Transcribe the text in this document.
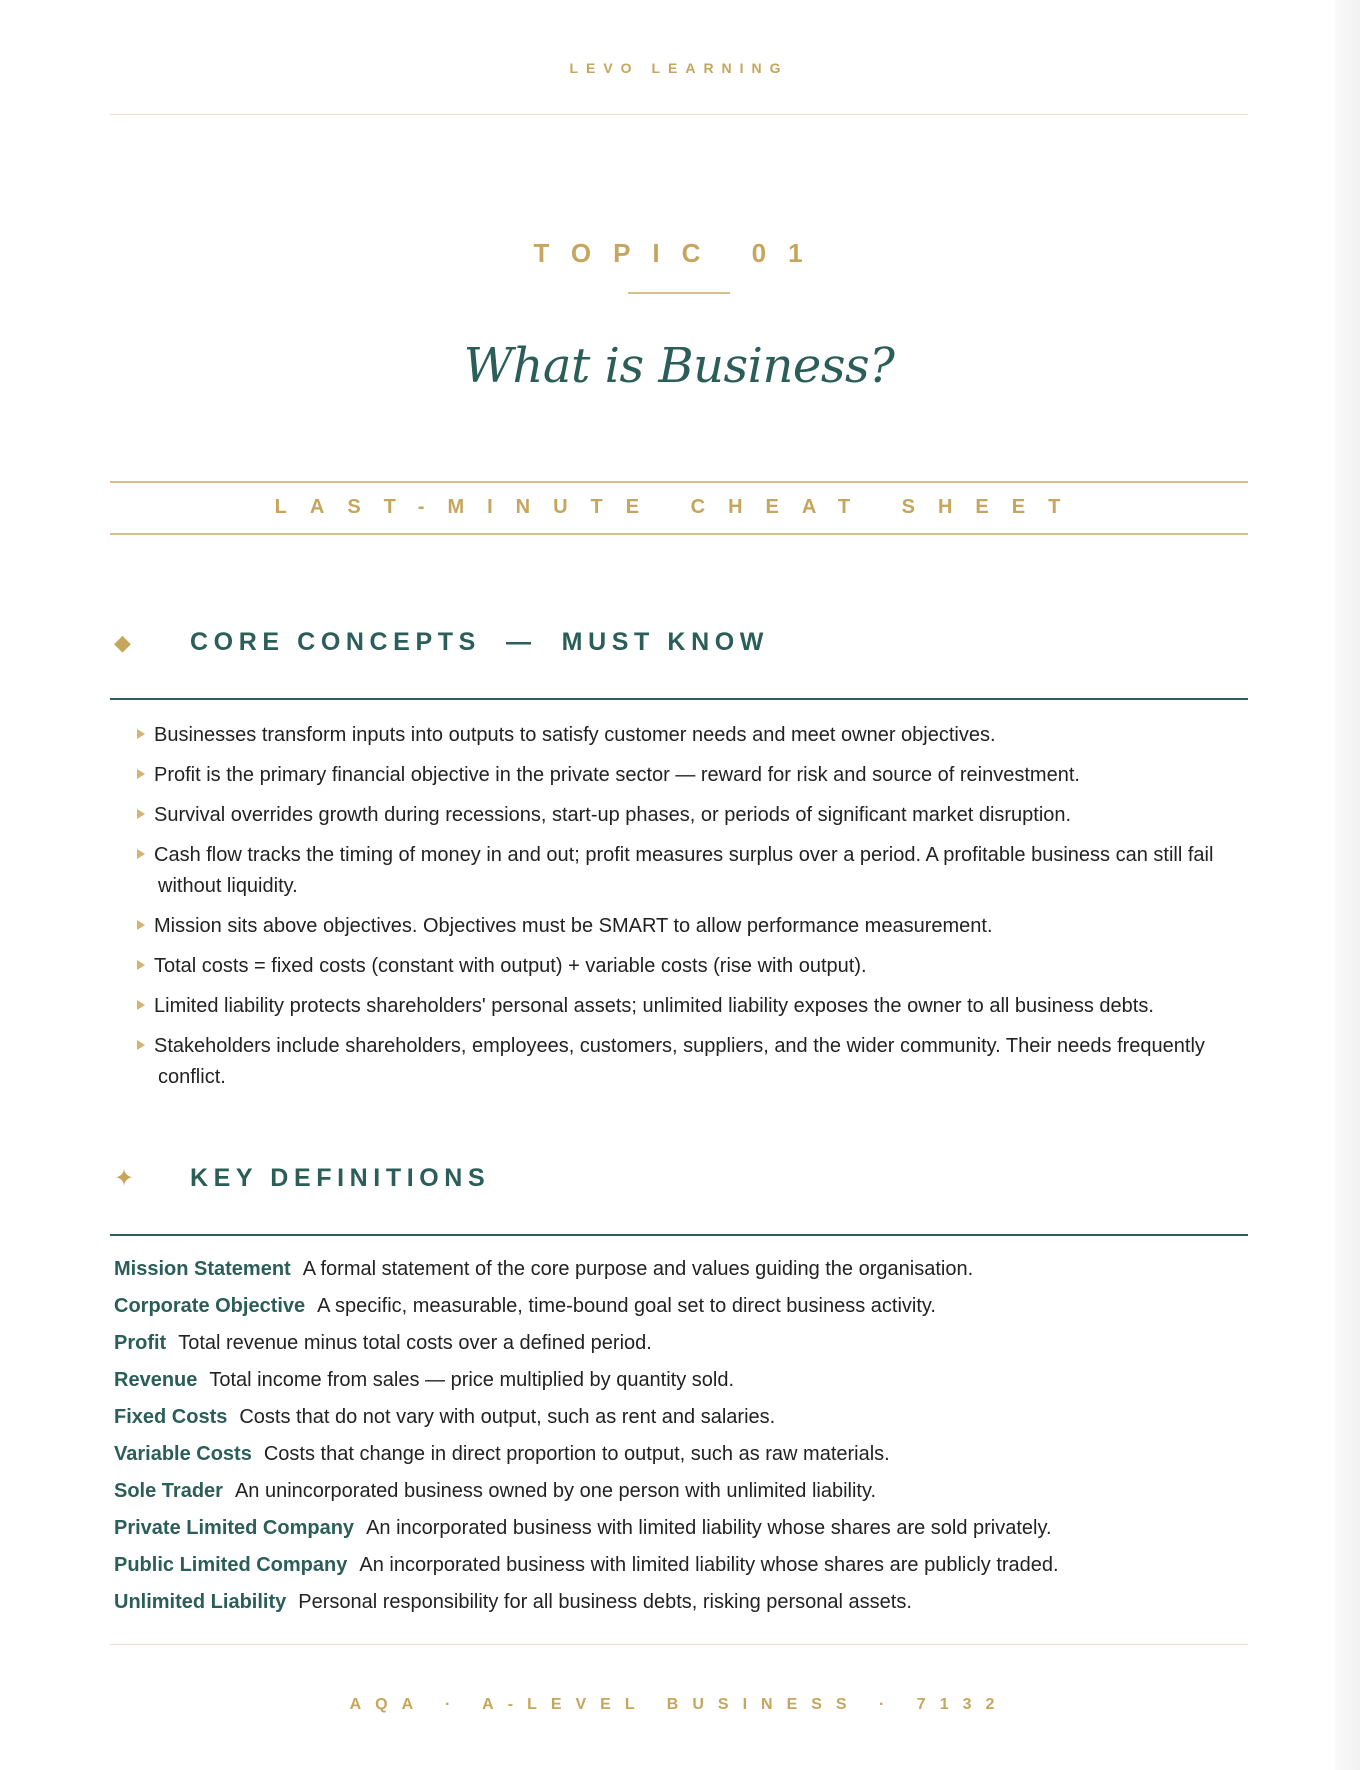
LEVO LEARNING
TOPIC 01
What is Business?
LAST-MINUTE CHEAT SHEET
◆ CORE CONCEPTS  —  MUST KNOW
Businesses transform inputs into outputs to satisfy customer needs and meet owner objectives.
Profit is the primary financial objective in the private sector — reward for risk and source of reinvestment.
Survival overrides growth during recessions, start-up phases, or periods of significant market disruption.
Cash flow tracks the timing of money in and out; profit measures surplus over a period. A profitable business can still fail without liquidity.
Mission sits above objectives. Objectives must be SMART to allow performance measurement.
Total costs = fixed costs (constant with output) + variable costs (rise with output).
Limited liability protects shareholders' personal assets; unlimited liability exposes the owner to all business debts.
Stakeholders include shareholders, employees, customers, suppliers, and the wider community. Their needs frequently conflict.
✦ KEY DEFINITIONS
Mission Statement A formal statement of the core purpose and values guiding the organisation.
Corporate Objective A specific, measurable, time-bound goal set to direct business activity.
Profit Total revenue minus total costs over a defined period.
Revenue Total income from sales — price multiplied by quantity sold.
Fixed Costs Costs that do not vary with output, such as rent and salaries.
Variable Costs Costs that change in direct proportion to output, such as raw materials.
Sole Trader An unincorporated business owned by one person with unlimited liability.
Private Limited Company An incorporated business with limited liability whose shares are sold privately.
Public Limited Company An incorporated business with limited liability whose shares are publicly traded.
Unlimited Liability Personal responsibility for all business debts, risking personal assets.
AQA · A-LEVEL BUSINESS · 7132
